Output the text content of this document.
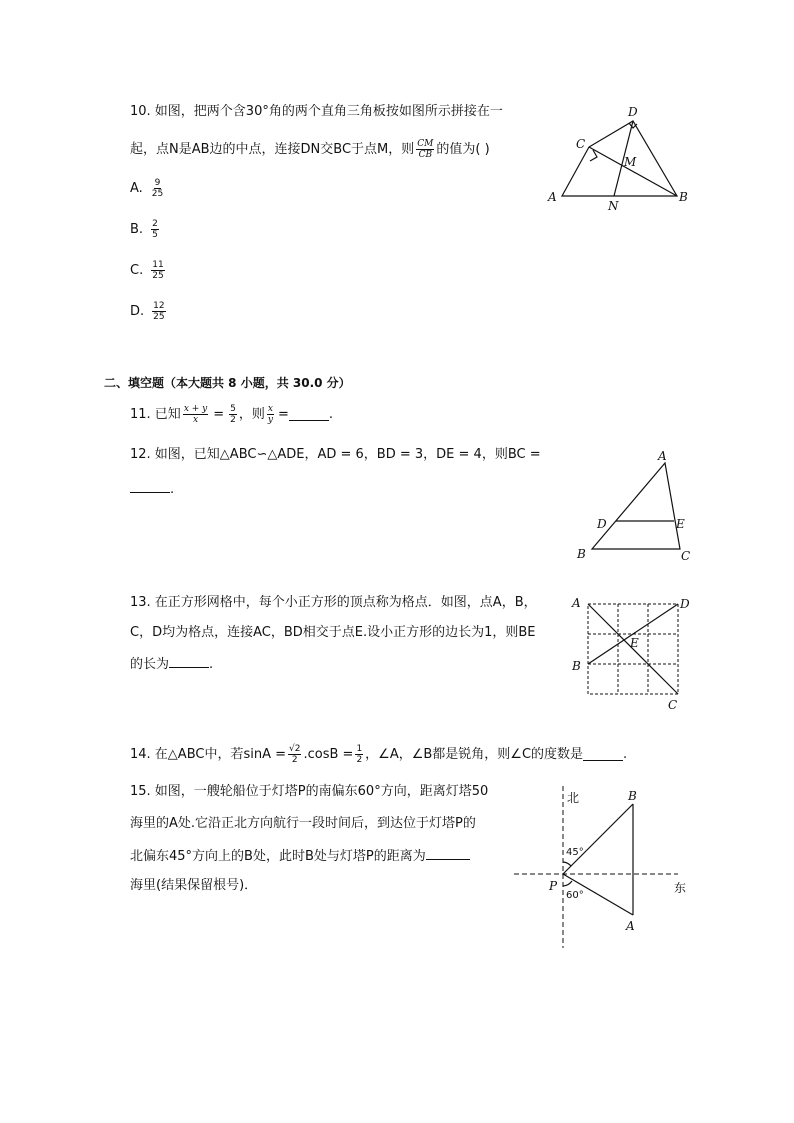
10. 如图，把两个含30°角的两个直角三角板按如图所示拼接在一
起，点N是AB边的中点，连接DN交BC于点M，则 $\frac{CM}{CB}$ 的值为( )
A. $\frac{9}{25}$
B. $\frac{2}{5}$
C. $\frac{11}{25}$
D. $\frac{12}{25}$
A	B
C
D
M
N
二、填空题（本大题共 8 小题，共 30.0 分）
11. 已知 $\frac{x + y}{x} = \frac{5}{2}$ ，则 $\frac{x}{y}$ =	.
12. 如图，已知△ABC∽△ADE，AD = 6，BD = 3，DE = 4，则BC =
.
A
B	C
D	E
13. 在正方形网格中，每个小正方形的顶点称为格点．如图，点A，B，
C，D均为格点，连接AC，BD相交于点E.设小正方形的边长为1，则BE
的长为	.
A
B
C
D
E
14. 在△ABC中，若$\sin A = \frac{√2}{2} .\cos B = \frac{1}{2}$ ，∠A，∠B都是锐角，则∠C的度数是	.
15. 如图，一艘轮船位于灯塔P的南偏东60°方向，距离灯塔50
海里的A处.它沿正北方向航行一段时间后，到达位于灯塔P的
北偏东45°方向上的B处，此时B处与灯塔P的距离为
海里(结果保留根号)．
北
东
P
B
A
45°
60°
